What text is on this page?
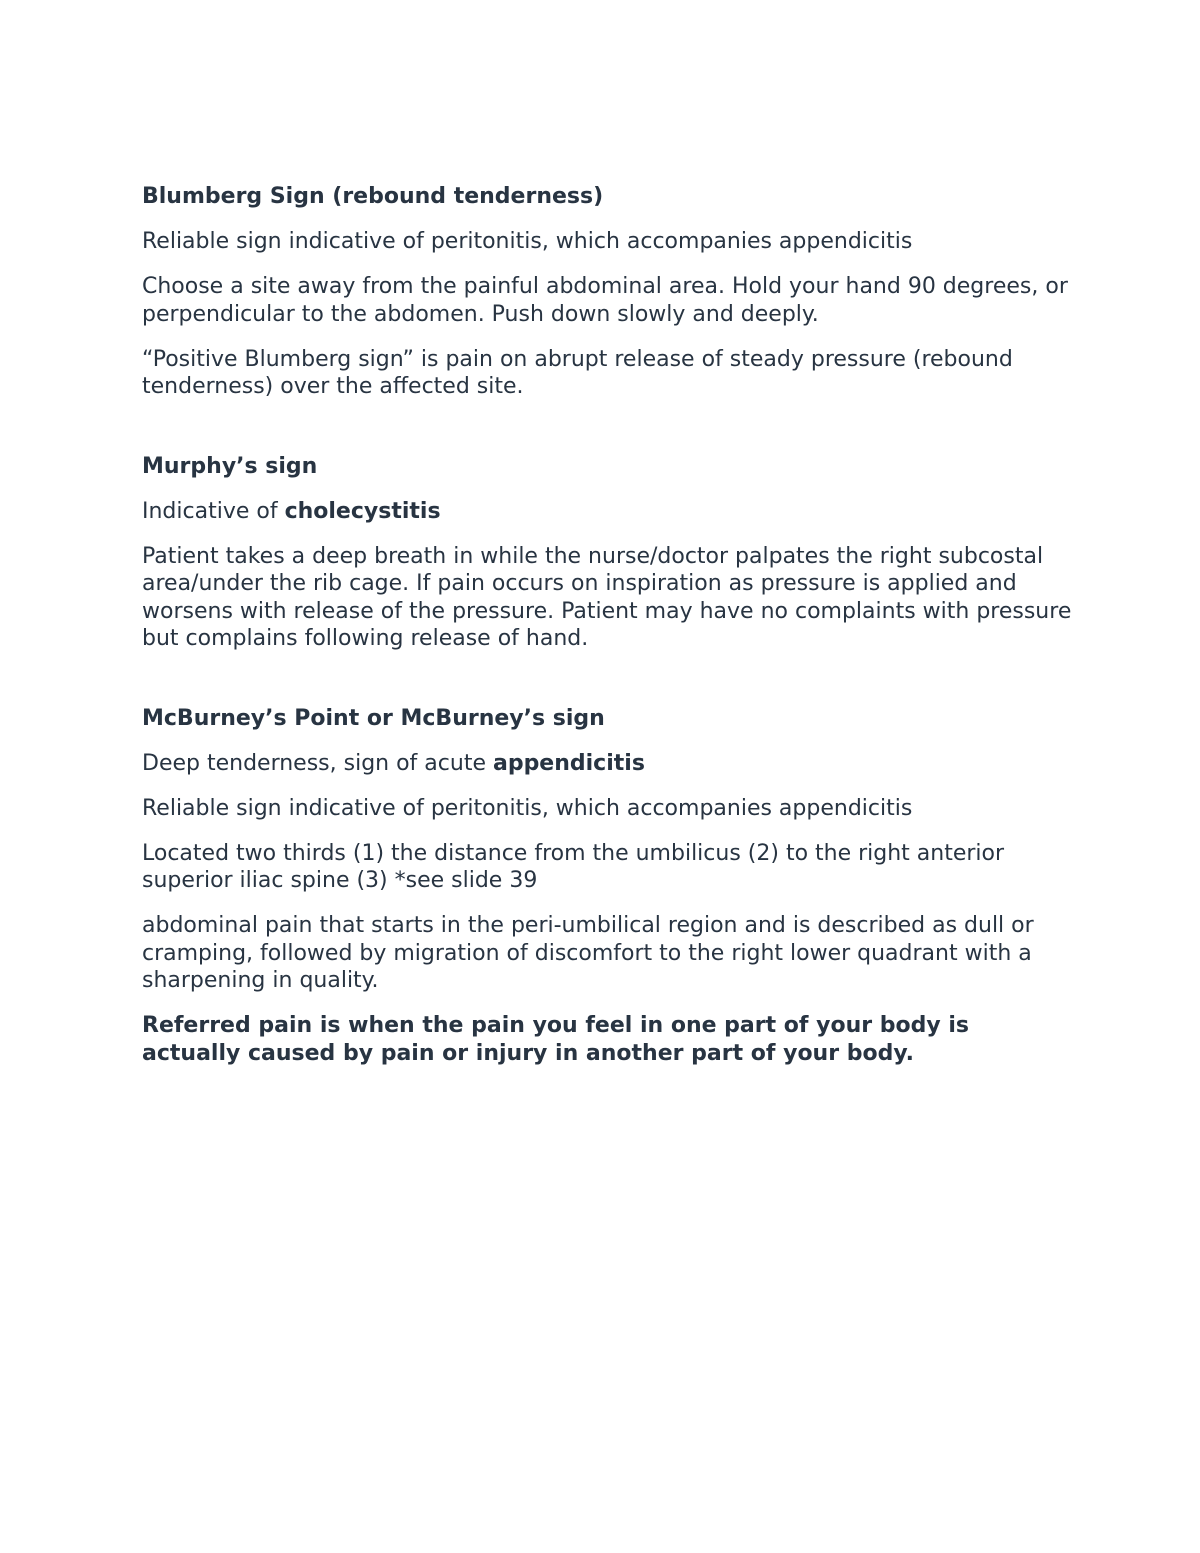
Blumberg Sign (rebound tenderness)

Reliable sign indicative of peritonitis, which accompanies appendicitis

Choose a site away from the painful abdominal area. Hold your hand 90 degrees, or perpendicular to the abdomen. Push down slowly and deeply.

“Positive Blumberg sign” is pain on abrupt release of steady pressure (rebound tenderness) over the affected site.

Murphy’s sign

Indicative of cholecystitis

Patient takes a deep breath in while the nurse/doctor palpates the right subcostal area/under the rib cage. If pain occurs on inspiration as pressure is applied and worsens with release of the pressure. Patient may have no complaints with pressure but complains following release of hand.

McBurney’s Point or McBurney’s sign

Deep tenderness, sign of acute appendicitis

Reliable sign indicative of peritonitis, which accompanies appendicitis

Located two thirds (1) the distance from the umbilicus (2) to the right anterior superior iliac spine (3) *see slide 39

abdominal pain that starts in the peri-umbilical region and is described as dull or cramping, followed by migration of discomfort to the right lower quadrant with a sharpening in quality.

Referred pain is when the pain you feel in one part of your body is actually caused by pain or injury in another part of your body.
